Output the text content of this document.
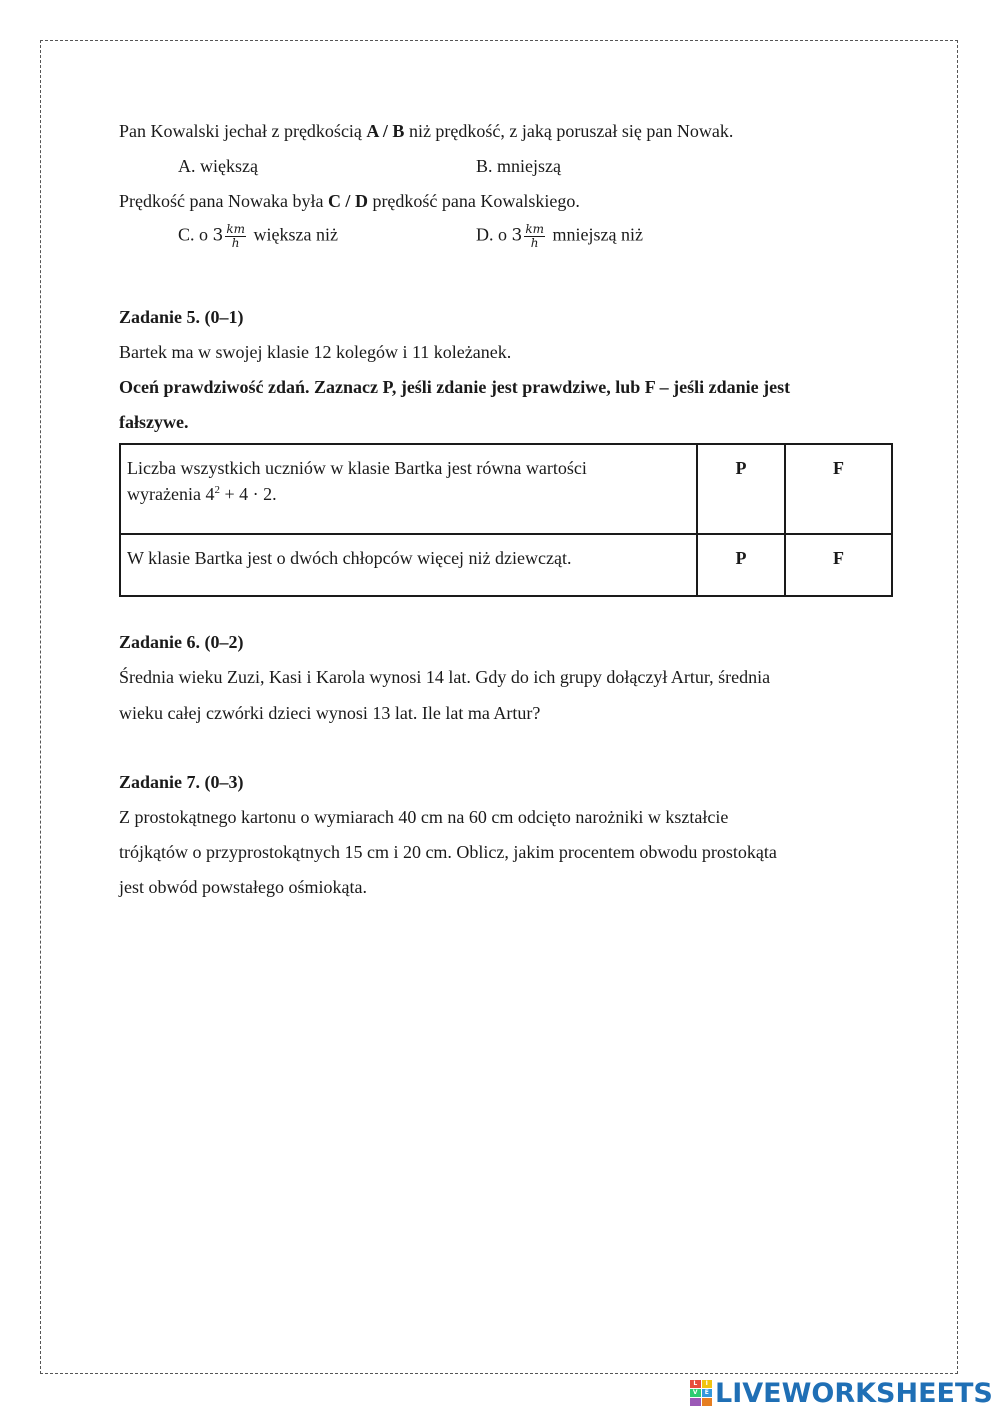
Pan Kowalski jechał z prędkością A / B niż prędkość, z jaką poruszał się pan Nowak.
A. większą	B. mniejszą
Prędkość pana Nowaka była C / D prędkość pana Kowalskiego.
C. o $3 \frac{km}{h}$ większa niż	D. o $3 \frac{km}{h}$ mniejszą niż
Zadanie 5. (0–1)
Bartek ma w swojej klasie 12 kolegów i 11 koleżanek.
Oceń prawdziwość zdań. Zaznacz P, jeśli zdanie jest prawdziwe, lub F – jeśli zdanie jest
fałszywe.
Liczba wszystkich uczniów w klasie Bartka jest równa wartości
wyrażenia $4^2 + 4 \cdot 2$.	P	F
W klasie Bartka jest o dwóch chłopców więcej niż dziewcząt.	P	F
Zadanie 6. (0–2)
Średnia wieku Zuzi, Kasi i Karola wynosi 14 lat. Gdy do ich grupy dołączył Artur, średnia
wieku całej czwórki dzieci wynosi 13 lat. Ile lat ma Artur?
Zadanie 7. (0–3)
Z prostokątnego kartonu o wymiarach 40 cm na 60 cm odcięto narożniki w kształcie
trójkątów o przyprostokątnych 15 cm i 20 cm. Oblicz, jakim procentem obwodu prostokąta
jest obwód powstałego ośmiokąta.
L	I
V	E LIVEWORKSHEETS
